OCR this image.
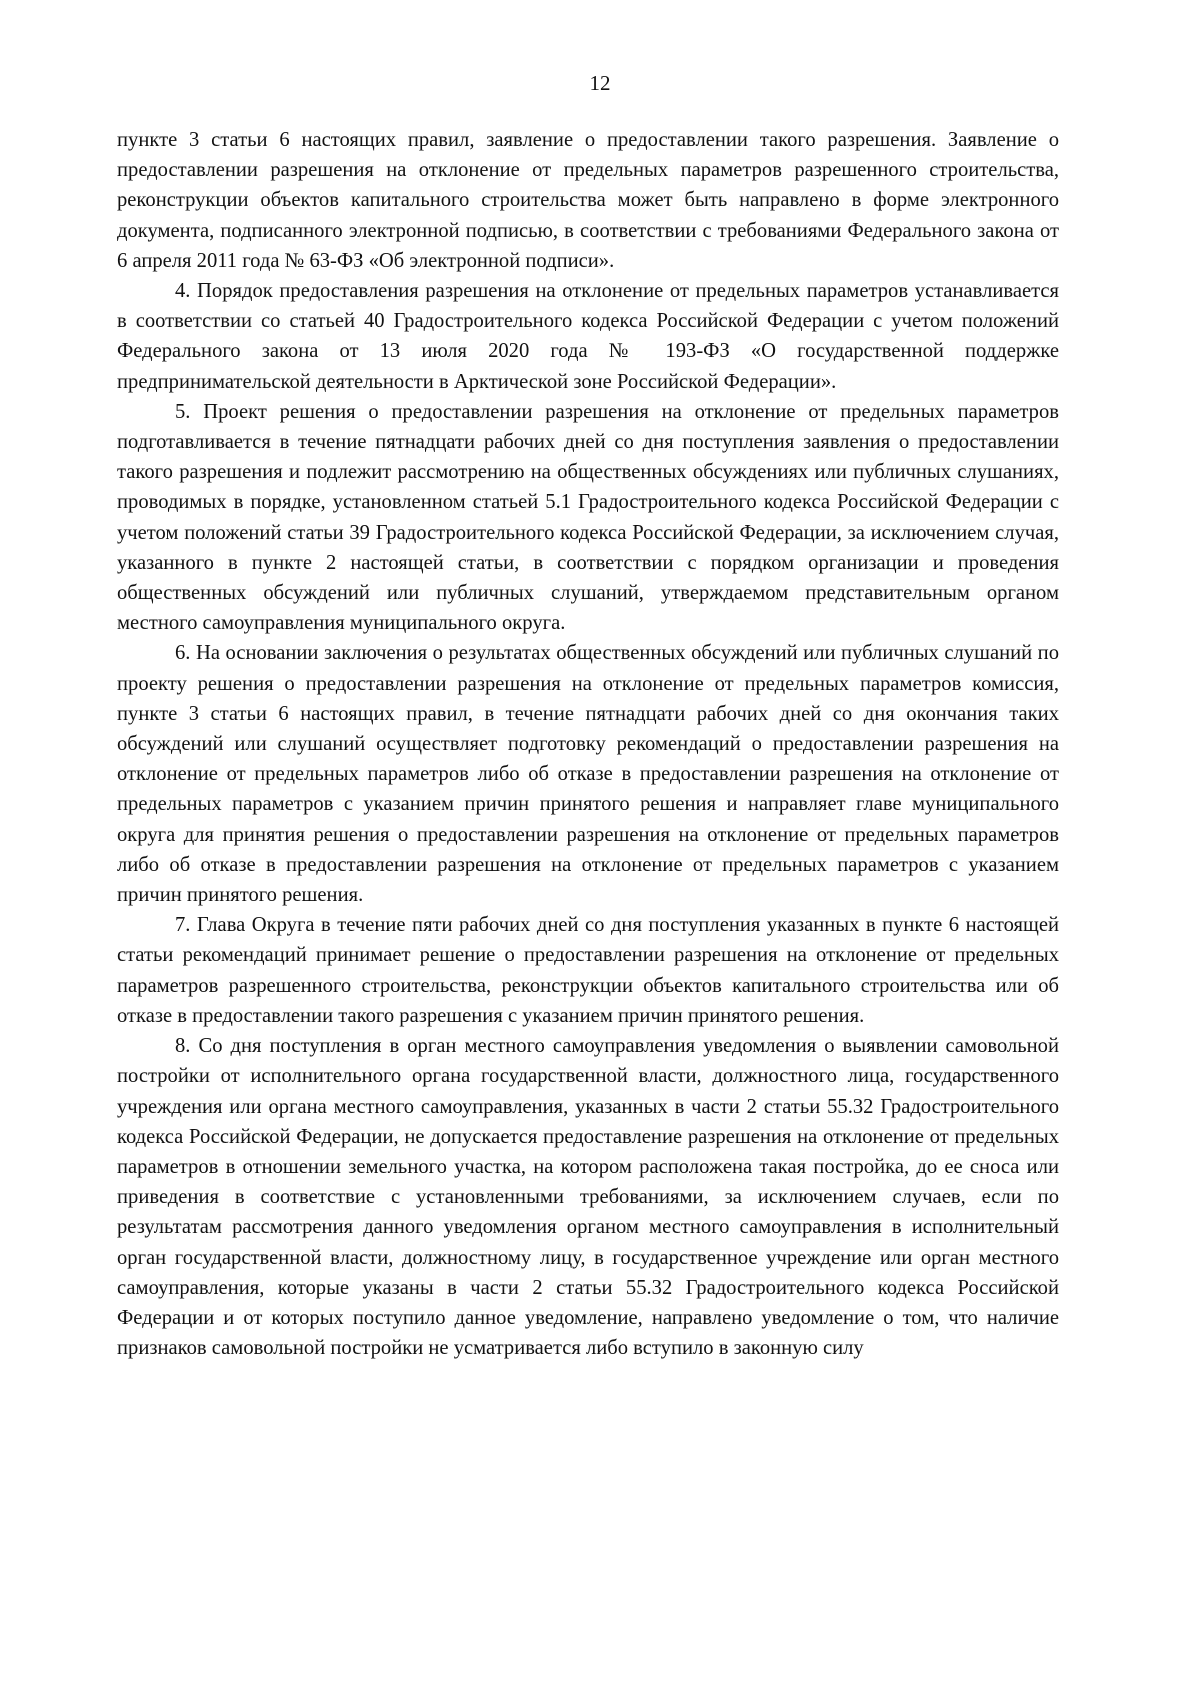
12

пункте 3 статьи 6 настоящих правил, заявление о предоставлении такого разрешения. Заявление о предоставлении разрешения на отклонение от предельных параметров разрешенного строительства, реконструкции объектов капитального строительства может быть направлено в форме электронного документа, подписанного электронной подписью, в соответствии с требованиями Федерального закона от 6 апреля 2011 года № 63-ФЗ «Об электронной подписи».

4. Порядок предоставления разрешения на отклонение от предельных параметров устанавливается в соответствии со статьей 40 Градостроительного кодекса Российской Федерации с учетом положений Федерального закона от 13 июля 2020 года № 193-ФЗ «О государственной поддержке предпринимательской деятельности в Арктической зоне Российской Федерации».

5. Проект решения о предоставлении разрешения на отклонение от предельных параметров подготавливается в течение пятнадцати рабочих дней со дня поступления заявления о предоставлении такого разрешения и подлежит рассмотрению на общественных обсуждениях или публичных слушаниях, проводимых в порядке, установленном статьей 5.1 Градостроительного кодекса Российской Федерации с учетом положений статьи 39 Градостроительного кодекса Российской Федерации, за исключением случая, указанного в пункте 2 настоящей статьи, в соответствии с порядком организации и проведения общественных обсуждений или публичных слушаний, утверждаемом представительным органом местного самоуправления муниципального округа.

6. На основании заключения о результатах общественных обсуждений или публичных слушаний по проекту решения о предоставлении разрешения на отклонение от предельных параметров комиссия, пункте 3 статьи 6 настоящих правил, в течение пятнадцати рабочих дней со дня окончания таких обсуждений или слушаний осуществляет подготовку рекомендаций о предоставлении разрешения на отклонение от предельных параметров либо об отказе в предоставлении разрешения на отклонение от предельных параметров с указанием причин принятого решения и направляет главе муниципального округа для принятия решения о предоставлении разрешения на отклонение от предельных параметров либо об отказе в предоставлении разрешения на отклонение от предельных параметров с указанием причин принятого решения.

7. Глава Округа в течение пяти рабочих дней со дня поступления указанных в пункте 6 настоящей статьи рекомендаций принимает решение о предоставлении разрешения на отклонение от предельных параметров разрешенного строительства, реконструкции объектов капитального строительства или об отказе в предоставлении такого разрешения с указанием причин принятого решения.

8. Со дня поступления в орган местного самоуправления уведомления о выявлении самовольной постройки от исполнительного органа государственной власти, должностного лица, государственного учреждения или органа местного самоуправления, указанных в части 2 статьи 55.32 Градостроительного кодекса Российской Федерации, не допускается предоставление разрешения на отклонение от предельных параметров в отношении земельного участка, на котором расположена такая постройка, до ее сноса или приведения в соответствие с установленными требованиями, за исключением случаев, если по результатам рассмотрения данного уведомления органом местного самоуправления в исполнительный орган государственной власти, должностному лицу, в государственное учреждение или орган местного самоуправления, которые указаны в части 2 статьи 55.32 Градостроительного кодекса Российской Федерации и от которых поступило данное уведомление, направлено уведомление о том, что наличие признаков самовольной постройки не усматривается либо вступило в законную силу
